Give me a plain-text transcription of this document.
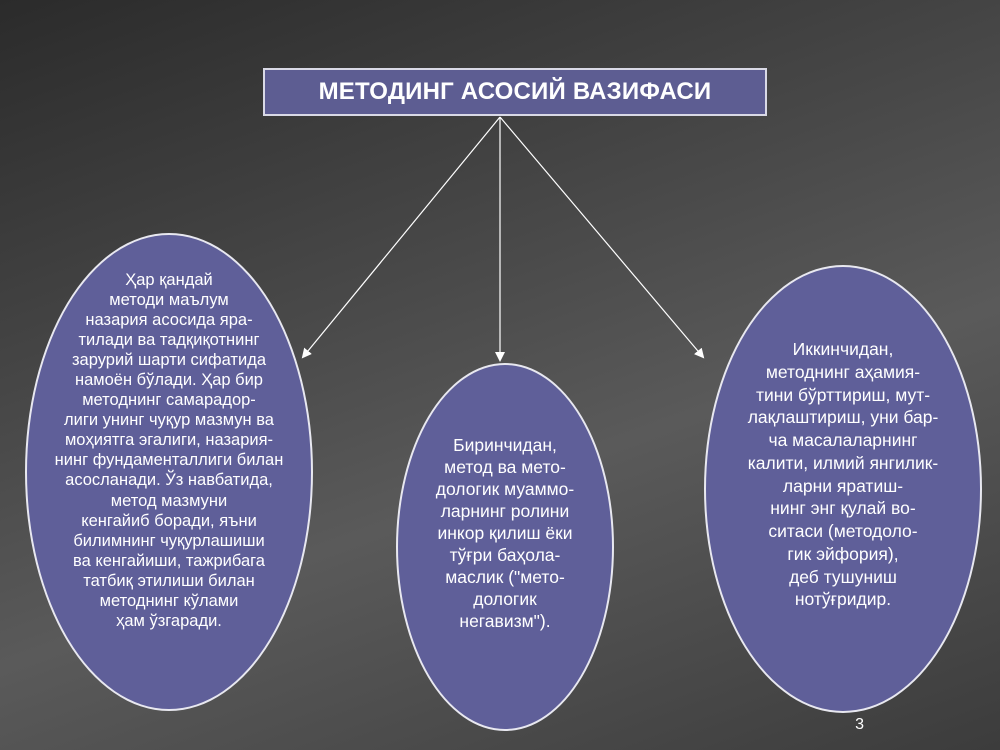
МЕТОДИНГ АСОСИЙ ВАЗИФАСИ
Ҳар қандай
методи маълум
назария асосида яра-
тилади ва тадқиқотнинг
зарурий шарти сифатида
намоён бўлади. Ҳар бир
методнинг самарадор-
лиги унинг чуқур мазмун ва
моҳиятга эгалиги, назария-
нинг фундаменталлиги билан
асосланади. Ўз навбатида,
метод мазмуни
кенгайиб боради, яъни
билимнинг чуқурлашиши
ва кенгайиши, тажрибага
татбиқ этилиши билан
методнинг кўлами
ҳам ўзгаради.
Биринчидан,
метод ва мето-
дологик муаммо-
ларнинг ролини
инкор қилиш ёки
тўғри баҳола-
маслик ("мето-
дологик
негавизм").
Иккинчидан,
методнинг аҳамия-
тини бўрттириш, мут-
лақлаштириш, уни бар-
ча масалаларнинг
калити, илмий янгилик-
ларни яратиш-
нинг энг қулай во-
ситаси (методоло-
гик эйфория),
деб тушуниш
нотўғридир.
3
